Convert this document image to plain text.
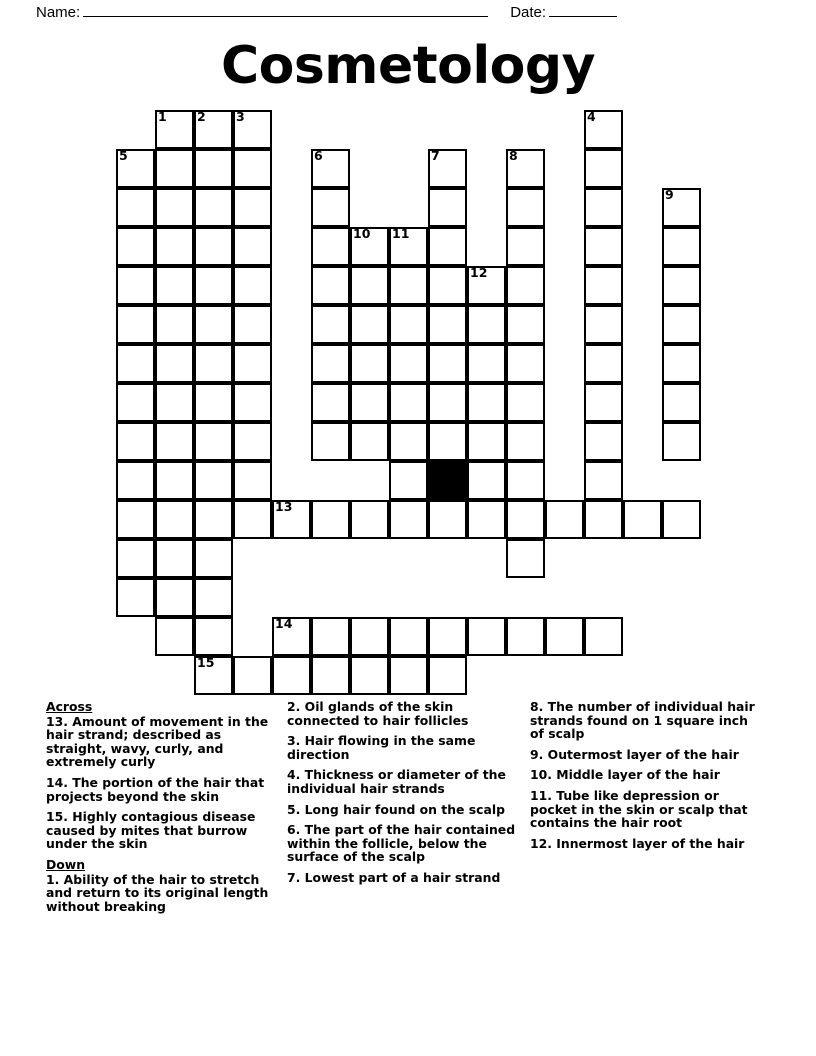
Name:	Date:
Cosmetology
1 2 3	4
5	6	7	8
9
10 11
12
13
14
15
Across
13. Amount of movement in the hair strand; described as straight, wavy, curly, and extremely curly
14. The portion of the hair that projects beyond the skin
15. Highly contagious disease caused by mites that burrow under the skin
Down
1. Ability of the hair to stretch and return to its original length without breaking
2. Oil glands of the skin connected to hair follicles
3. Hair flowing in the same direction
4. Thickness or diameter of the individual hair strands
5. Long hair found on the scalp
6. The part of the hair contained within the follicle, below the surface of the scalp
7. Lowest part of a hair strand
8. The number of individual hair strands found on 1 square inch of scalp
9. Outermost layer of the hair
10. Middle layer of the hair
11. Tube like depression or pocket in the skin or scalp that contains the hair root
12. Innermost layer of the hair
